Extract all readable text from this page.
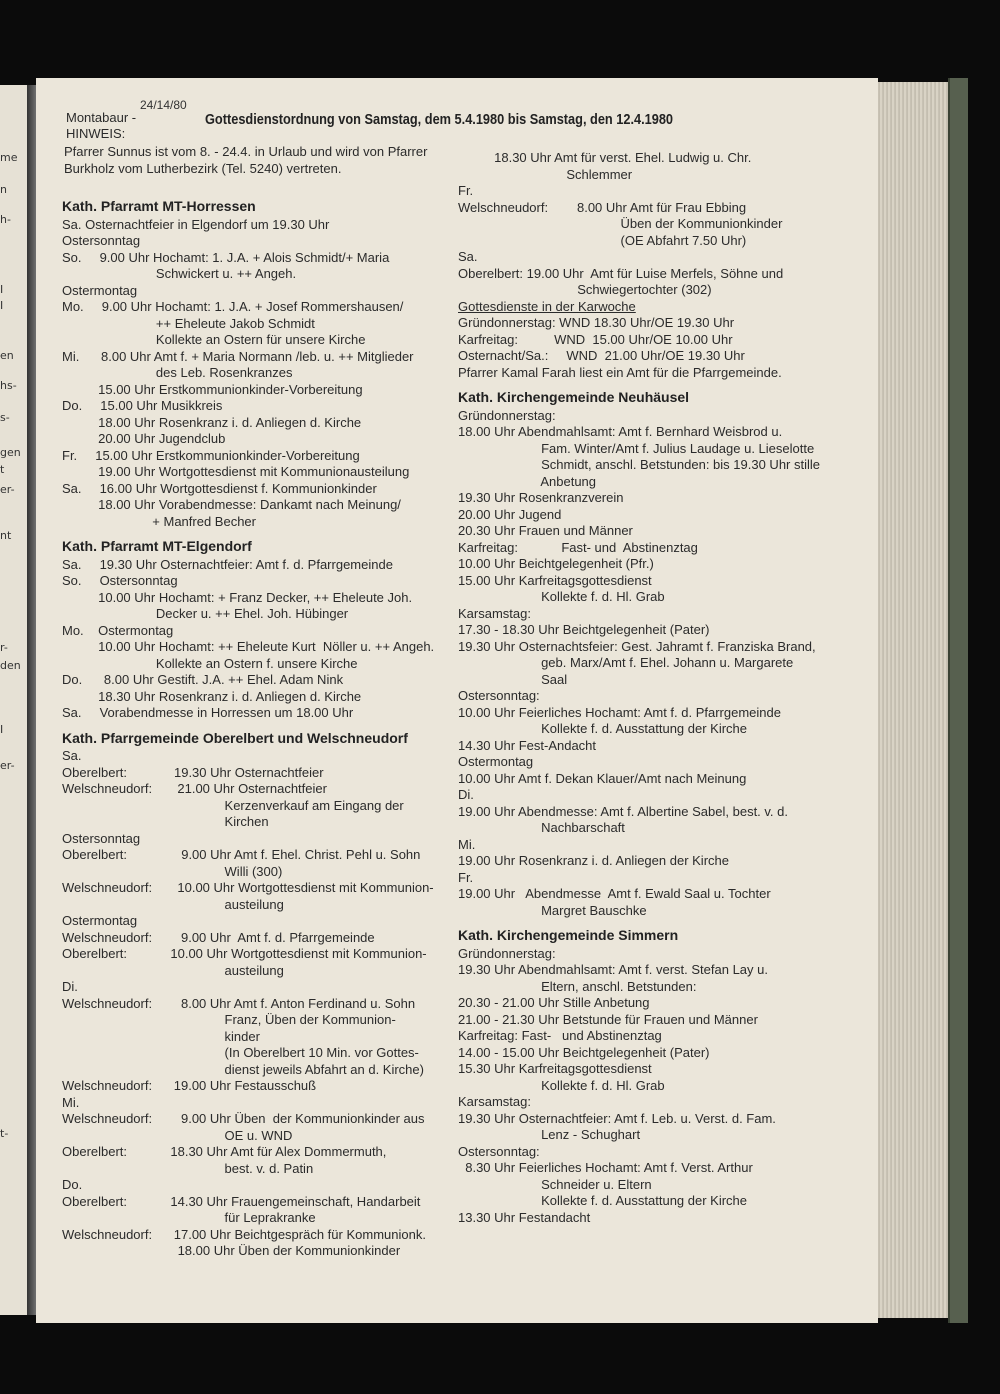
me
n
h-
I
I
en
hs-
s-
gen
t
er-
nt
r-
den
I
er-
t-
24/14/80
Montabaur -
HINWEIS:
Gottesdienstordnung von Samstag, dem 5.4.1980 bis Samstag, den 12.4.1980
Pfarrer Sunnus ist vom 8. - 24.4. in Urlaub und wird von Pfarrer
Burkholz vom Lutherbezirk (Tel. 5240) vertreten.
Kath. Pfarramt MT-Horressen
Sa. Osternachtfeier in Elgendorf um 19.30 Uhr
Ostersonntag
So.     9.00 Uhr Hochamt: 1. J.A. + Alois Schmidt/+ Maria
Schwickert u. ++ Angeh.
Ostermontag
Mo.     9.00 Uhr Hochamt: 1. J.A. + Josef Rommershausen/
++ Eheleute Jakob Schmidt
Kollekte an Ostern für unsere Kirche
Mi.      8.00 Uhr Amt f. + Maria Normann /leb. u. ++ Mitglieder
des Leb. Rosenkranzes
15.00 Uhr Erstkommunionkinder-Vorbereitung
Do.     15.00 Uhr Musikkreis
18.00 Uhr Rosenkranz i. d. Anliegen d. Kirche
20.00 Uhr Jugendclub
Fr.     15.00 Uhr Erstkommunionkinder-Vorbereitung
19.00 Uhr Wortgottesdienst mit Kommunionausteilung
Sa.     16.00 Uhr Wortgottesdienst f. Kommunionkinder
18.00 Uhr Vorabendmesse: Dankamt nach Meinung/
+ Manfred Becher
Kath. Pfarramt MT-Elgendorf
Sa.     19.30 Uhr Osternachtfeier: Amt f. d. Pfarrgemeinde
So.     Ostersonntag
10.00 Uhr Hochamt: + Franz Decker, ++ Eheleute Joh.
Decker u. ++ Ehel. Joh. Hübinger
Mo.    Ostermontag
10.00 Uhr Hochamt: ++ Eheleute Kurt  Nöller u. ++ Angeh.
Kollekte an Ostern f. unsere Kirche
Do.      8.00 Uhr Gestift. J.A. ++ Ehel. Adam Nink
18.30 Uhr Rosenkranz i. d. Anliegen d. Kirche
Sa.     Vorabendmesse in Horressen um 18.00 Uhr
Kath. Pfarrgemeinde Oberelbert und Welschneudorf
Sa.
Oberelbert:             19.30 Uhr Osternachtfeier
Welschneudorf:       21.00 Uhr Osternachtfeier
Kerzenverkauf am Eingang der
Kirchen
Ostersonntag
Oberelbert:               9.00 Uhr Amt f. Ehel. Christ. Pehl u. Sohn
Willi (300)
Welschneudorf:       10.00 Uhr Wortgottesdienst mit Kommunion-
austeilung
Ostermontag
Welschneudorf:        9.00 Uhr  Amt f. d. Pfarrgemeinde
Oberelbert:            10.00 Uhr Wortgottesdienst mit Kommunion-
austeilung
Di.
Welschneudorf:        8.00 Uhr Amt f. Anton Ferdinand u. Sohn
Franz, Üben der Kommunion-
kinder
(In Oberelbert 10 Min. vor Gottes-
dienst jeweils Abfahrt an d. Kirche)
Welschneudorf:      19.00 Uhr Festausschuß
Mi.
Welschneudorf:        9.00 Uhr Üben  der Kommunionkinder aus
OE u. WND
Oberelbert:            18.30 Uhr Amt für Alex Dommermuth,
best. v. d. Patin
Do.
Oberelbert:            14.30 Uhr Frauengemeinschaft, Handarbeit
für Leprakranke
Welschneudorf:      17.00 Uhr Beichtgespräch für Kommunionk.
18.00 Uhr Üben der Kommunionkinder
18.30 Uhr Amt für verst. Ehel. Ludwig u. Chr.
Schlemmer
Fr.
Welschneudorf:        8.00 Uhr Amt für Frau Ebbing
Üben der Kommunionkinder
(OE Abfahrt 7.50 Uhr)
Sa.
Oberelbert: 19.00 Uhr  Amt für Luise Merfels, Söhne und
Schwiegertochter (302)
Gottesdienste in der Karwoche
Gründonnerstag: WND 18.30 Uhr/OE 19.30 Uhr
Karfreitag:          WND  15.00 Uhr/OE 10.00 Uhr
Osternacht/Sa.:     WND  21.00 Uhr/OE 19.30 Uhr
Pfarrer Kamal Farah liest ein Amt für die Pfarrgemeinde.
Kath. Kirchengemeinde Neuhäusel
Gründonnerstag:
18.00 Uhr Abendmahlsamt: Amt f. Bernhard Weisbrod u.
Fam. Winter/Amt f. Julius Laudage u. Lieselotte
Schmidt, anschl. Betstunden: bis 19.30 Uhr stille
Anbetung
19.30 Uhr Rosenkranzverein
20.00 Uhr Jugend
20.30 Uhr Frauen und Männer
Karfreitag:            Fast- und  Abstinenztag
10.00 Uhr Beichtgelegenheit (Pfr.)
15.00 Uhr Karfreitagsgottesdienst
Kollekte f. d. Hl. Grab
Karsamstag:
17.30 - 18.30 Uhr Beichtgelegenheit (Pater)
19.30 Uhr Osternachtsfeier: Gest. Jahramt f. Franziska Brand,
geb. Marx/Amt f. Ehel. Johann u. Margarete
Saal
Ostersonntag:
10.00 Uhr Feierliches Hochamt: Amt f. d. Pfarrgemeinde
Kollekte f. d. Ausstattung der Kirche
14.30 Uhr Fest-Andacht
Ostermontag
10.00 Uhr Amt f. Dekan Klauer/Amt nach Meinung
Di.
19.00 Uhr Abendmesse: Amt f. Albertine Sabel, best. v. d.
Nachbarschaft
Mi.
19.00 Uhr Rosenkranz i. d. Anliegen der Kirche
Fr.
19.00 Uhr   Abendmesse  Amt f. Ewald Saal u. Tochter
Margret Bauschke
Kath. Kirchengemeinde Simmern
Gründonnerstag:
19.30 Uhr Abendmahlsamt: Amt f. verst. Stefan Lay u.
Eltern, anschl. Betstunden:
20.30 - 21.00 Uhr Stille Anbetung
21.00 - 21.30 Uhr Betstunde für Frauen und Männer
Karfreitag: Fast-   und Abstinenztag
14.00 - 15.00 Uhr Beichtgelegenheit (Pater)
15.30 Uhr Karfreitagsgottesdienst
Kollekte f. d. Hl. Grab
Karsamstag:
19.30 Uhr Osternachtfeier: Amt f. Leb. u. Verst. d. Fam.
Lenz - Schughart
Ostersonntag:
8.30 Uhr Feierliches Hochamt: Amt f. Verst. Arthur
Schneider u. Eltern
Kollekte f. d. Ausstattung der Kirche
13.30 Uhr Festandacht
